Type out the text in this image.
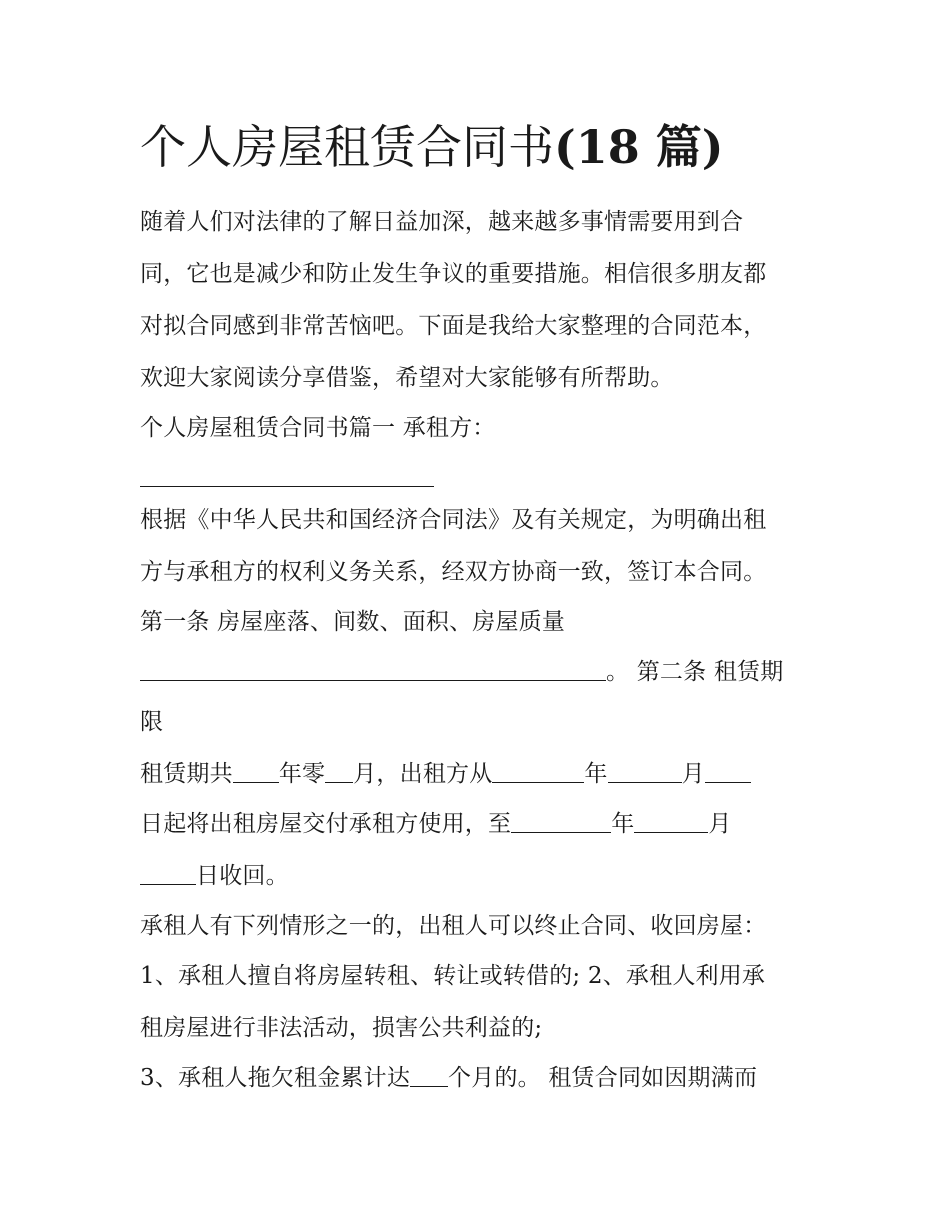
个人房屋租赁合同书(18 篇)
随着人们对法律的了解日益加深，越来越多事情需要用到合
同，它也是减少和防止发生争议的重要措施。相信很多朋友都
对拟合同感到非常苦恼吧。下面是我给大家整理的合同范本，
欢迎大家阅读分享借鉴，希望对大家能够有所帮助。
个人房屋租赁合同书篇一 承租方：
根据《中华人民共和国经济合同法》及有关规定，为明确出租
方与承租方的权利义务关系，经双方协商一致，签订本合同。
第一条 房屋座落、间数、面积、房屋质量
。 第二条 租赁期
限
租赁期共 年零 月，出租方从	年	月
日起将出租房屋交付承租方使用，至	年	月
日收回。
承租人有下列情形之一的，出租人可以终止合同、收回房屋：
1、承租人擅自将房屋转租、转让或转借的; 2、承租人利用承
租房屋进行非法活动，损害公共利益的;
3、承租人拖欠租金累计达 个月的。 租赁合同如因期满而
